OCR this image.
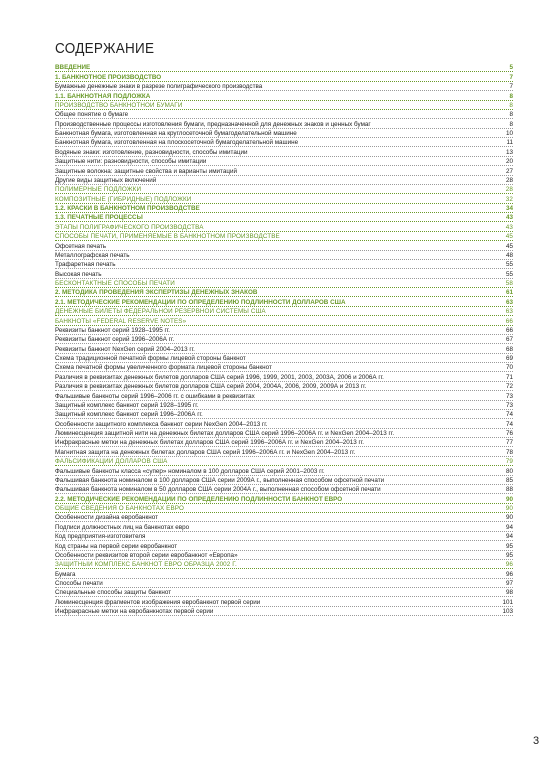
СОДЕРЖАНИЕ
ВВЕДЕНИЕ	5
1. БАНКНОТНОЕ ПРОИЗВОДСТВО	7
Бумажные денежные знаки в разрезе полиграфического производства	7
1.1. БАНКНОТНАЯ ПОДЛОЖКА	8
ПРОИЗВОДСТВО БАНКНОТНОЙ БУМАГИ	8
Общее понятие о бумаге	8
Производственные процессы изготовления бумаги, предназначенной для денежных знаков и ценных бумаг	8
Банкнотная бумага, изготовленная на круглосеточной бумагоделательной машине	10
Банкнотная бумага, изготовленная на плоскосеточной бумагоделательной машине	11
Водяные знаки: изготовление, разновидности, способы имитации	13
Защитные нити: разновидности, способы имитации	20
Защитные волокна: защитные свойства и варианты имитаций	27
Другие виды защитных включений	28
ПОЛИМЕРНЫЕ ПОДЛОЖКИ	28
КОМПОЗИТНЫЕ (ГИБРИДНЫЕ) ПОДЛОЖКИ	32
1.2. КРАСКИ В БАНКНОТНОМ ПРОИЗВОДСТВЕ	34
1.3. ПЕЧАТНЫЕ ПРОЦЕССЫ	43
ЭТАПЫ ПОЛИГРАФИЧЕСКОГО ПРОИЗВОДСТВА	43
СПОСОБЫ ПЕЧАТИ, ПРИМЕНЯЕМЫЕ В БАНКНОТНОМ ПРОИЗВОДСТВЕ	45
Офсетная печать	45
Металлографская печать	48
Трафаретная печать	55
Высокая печать	55
БЕСКОНТАКТНЫЕ СПОСОБЫ ПЕЧАТИ	58
2. МЕТОДИКА ПРОВЕДЕНИЯ ЭКСПЕРТИЗЫ ДЕНЕЖНЫХ ЗНАКОВ	61
2.1. МЕТОДИЧЕСКИЕ РЕКОМЕНДАЦИИ ПО ОПРЕДЕЛЕНИЮ ПОДЛИННОСТИ ДОЛЛАРОВ США	63
ДЕНЕЖНЫЕ БИЛЕТЫ ФЕДЕРАЛЬНОЙ РЕЗЕРВНОЙ СИСТЕМЫ США	63
БАНКНОТЫ «FEDERAL RESERVE NOTES»	66
Реквизиты банкнот серий 1928–1995 гг.	66
Реквизиты банкнот серий 1996–2006А гг.	67
Реквизиты банкнот NexGen серий 2004–2013 гг.	68
Схема традиционной печатной формы лицевой стороны банкнот	69
Схема печатной формы увеличенного формата лицевой стороны банкнот	70
Различия в реквизитах денежных билетов долларов США серий 1996, 1999, 2001, 2003, 2003А, 2006 и 2006А гг.	71
Различия в реквизитах денежных билетов долларов США серий 2004, 2004А, 2006, 2009, 2009А и 2013 гг.	72
Фальшивые банкноты серий 1996–2006 гг. с ошибками в реквизитах	73
Защитный комплекс банкнот серий 1928–1995 гг.	73
Защитный комплекс банкнот серий 1996–2006А гг.	74
Особенности защитного комплекса банкнот серии NexGen 2004–2013 гг.	74
Люминесценция защитной нити на денежных билетах долларов США серий 1996–2006А гг. и NexGen 2004–2013 гг.	76
Инфракрасные метки на денежных билетах долларов США серий 1996–2006А гг. и NexGen 2004–2013 гг.	77
Магнитная защита на денежных билетах долларов США серий 1996–2006А гг. и NexGen 2004–2013 гг.	78
ФАЛЬСИФИКАЦИИ ДОЛЛАРОВ США	79
Фальшивые банкноты класса «супер» номиналом в 100 долларов США серий 2001–2003 гг.	80
Фальшивая банкнота номиналом в 100 долларов США серии 2009А г., выполненная способом офсетной печати	85
Фальшивая банкнота номиналом в 50 долларов США серии 2004А г., выполненная способом офсетной печати	88
2.2. МЕТОДИЧЕСКИЕ РЕКОМЕНДАЦИИ ПО ОПРЕДЕЛЕНИЮ ПОДЛИННОСТИ БАНКНОТ ЕВРО	90
ОБЩИЕ СВЕДЕНИЯ О БАНКНОТАХ ЕВРО	90
Особенности дизайна евробанкнот	90
Подписи должностных лиц на банкнотах евро	94
Код предприятия-изготовителя	94
Код страны на первой серии евробанкнот	95
Особенности реквизитов второй серии евробанкнот «Европа»	95
ЗАЩИТНЫЙ КОМПЛЕКС БАНКНОТ ЕВРО ОБРАЗЦА 2002 Г.	96
Бумага	96
Способы печати	97
Специальные способы защиты банкнот	98
Люминесценция фрагментов изображения евробанкнот первой серии	101
Инфракрасные метки на евробанкнотах первой серии	103
3
